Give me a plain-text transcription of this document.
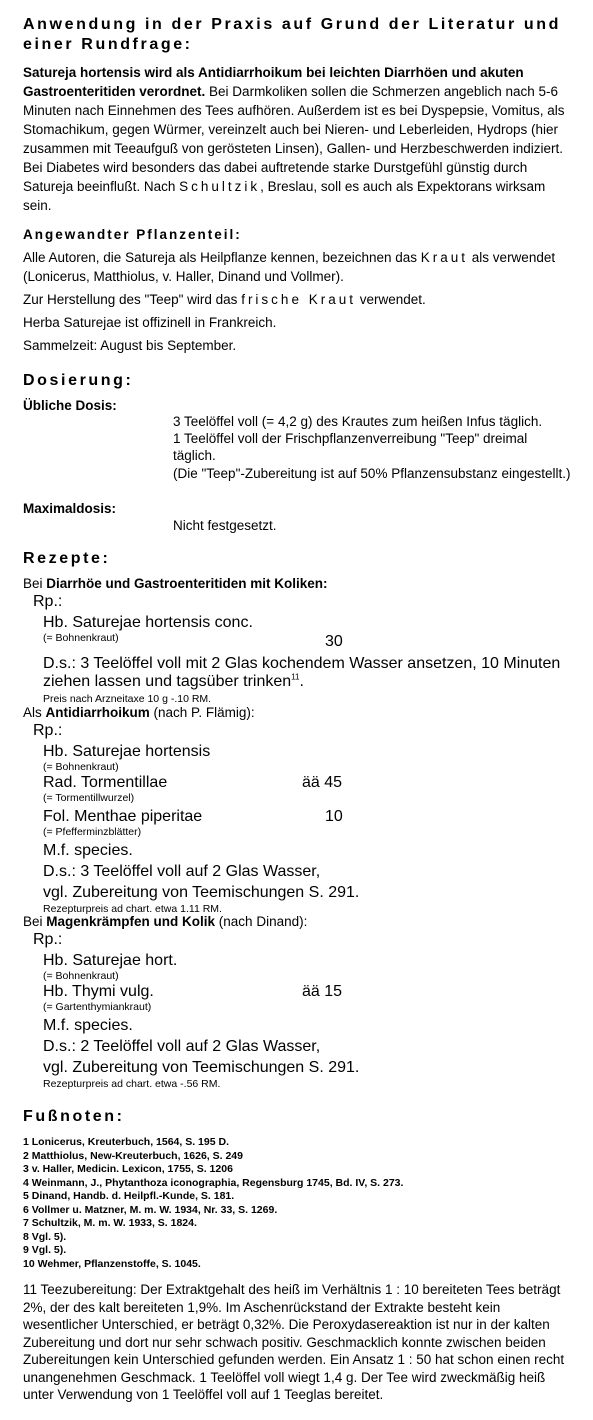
Anwendung in der Praxis auf Grund der Literatur und einer Rundfrage:

Satureja hortensis wird als Antidiarrhoikum bei leichten Diarrhöen und akuten Gastroenteritiden verordnet. Bei Darmkoliken sollen die Schmerzen angeblich nach 5-6 Minuten nach Einnehmen des Tees aufhören. Außerdem ist es bei Dyspepsie, Vomitus, als Stomachikum, gegen Würmer, vereinzelt auch bei Nieren- und Leberleiden, Hydrops (hier zusammen mit Teeaufguß von gerösteten Linsen), Gallen- und Herzbeschwerden indiziert. Bei Diabetes wird besonders das dabei auftretende starke Durstgefühl günstig durch Satureja beeinflußt. Nach Schultzik, Breslau, soll es auch als Expektorans wirksam sein.

Angewandter Pflanzenteil:

Alle Autoren, die Satureja als Heilpflanze kennen, bezeichnen das Kraut als verwendet (Lonicerus, Matthiolus, v. Haller, Dinand und Vollmer).

Zur Herstellung des "Teep" wird das frische Kraut verwendet.

Herba Saturejae ist offizinell in Frankreich.

Sammelzeit: August bis September.

Dosierung:
Übliche Dosis:
3 Teelöffel voll (= 4,2 g) des Krautes zum heißen Infus täglich.
1 Teelöffel voll der Frischpflanzenverreibung "Teep" dreimal täglich.
(Die "Teep"-Zubereitung ist auf 50% Pflanzensubstanz eingestellt.)
Maximaldosis:
Nicht festgesetzt.
Rezepte:

Bei Diarrhöe und Gastroenteritiden mit Koliken:

Rp.:
Hb. Saturejae hortensis conc.
(= Bohnenkraut)	30
D.s.: 3 Teelöffel voll mit 2 Glas kochendem Wasser ansetzen, 10 Minuten ziehen lassen und tagsüber trinken$^{11}$.
Preis nach Arzneitaxe 10 g -.10 RM.

Als Antidiarrhoikum (nach P. Flämig):

Rp.:
Hb. Saturejae hortensis
(= Bohnenkraut)
Rad. Tormentillae	ää 45
(= Tormentillwurzel)
Fol. Menthae piperitae	10
(= Pfefferminzblätter)
M.f. species.
D.s.: 3 Teelöffel voll auf 2 Glas Wasser,
vgl. Zubereitung von Teemischungen S. 291.
Rezepturpreis ad chart. etwa 1.11 RM.

Bei Magenkrämpfen und Kolik (nach Dinand):

Rp.:
Hb. Saturejae hort.
(= Bohnenkraut)
Hb. Thymi vulg.	ää 15
(= Gartenthymiankraut)
M.f. species.
D.s.: 2 Teelöffel voll auf 2 Glas Wasser,
vgl. Zubereitung von Teemischungen S. 291.
Rezepturpreis ad chart. etwa -.56 RM.
Fußnoten:
1 Lonicerus, Kreuterbuch, 1564, S. 195 D.
2 Matthiolus, New-Kreuterbuch, 1626, S. 249
3 v. Haller, Medicin. Lexicon, 1755, S. 1206
4 Weinmann, J., Phytanthoza iconographia, Regensburg 1745, Bd. IV, S. 273.
5 Dinand, Handb. d. Heilpfl.-Kunde, S. 181.
6 Vollmer u. Matzner, M. m. W. 1934, Nr. 33, S. 1269.
7 Schultzik, M. m. W. 1933, S. 1824.
8 Vgl. 5).
9 Vgl. 5).
10 Wehmer, Pflanzenstoffe, S. 1045.

11 Teezubereitung: Der Extraktgehalt des heiß im Verhältnis 1 : 10 bereiteten Tees beträgt 2%, der des kalt bereiteten 1,9%. Im Aschenrückstand der Extrakte besteht kein wesentlicher Unterschied, er beträgt 0,32%. Die Peroxydasereaktion ist nur in der kalten Zubereitung und dort nur sehr schwach positiv. Geschmacklich konnte zwischen beiden Zubereitungen kein Unterschied gefunden werden. Ein Ansatz 1 : 50 hat schon einen recht unangenehmen Geschmack. 1 Teelöffel voll wiegt 1,4 g. Der Tee wird zweckmäßig heiß unter Verwendung von 1 Teelöffel voll auf 1 Teeglas bereitet.
